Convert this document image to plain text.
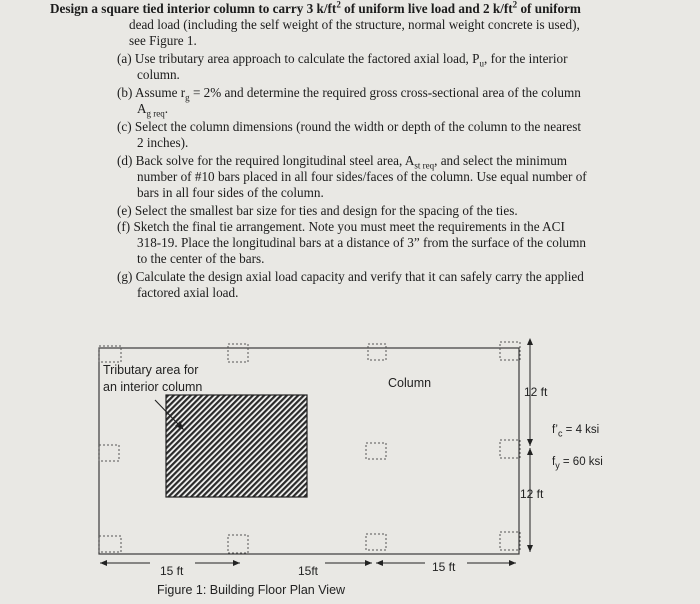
Design a square tied interior column to carry 3 $k/ft^2$ of uniform live load and 2 $k/ft^2$ of uniform
dead load (including the self weight of the structure, normal weight concrete is used),
see Figure 1.
(a) Use tributary area approach to calculate the factored axial load, $P_u$, for the interior
column.
(b) Assume $r_g = 2\%$ and determine the required gross cross-sectional area of the column
$A_{g req}$.
(c) Select the column dimensions (round the width or depth of the column to the nearest
2 inches).
(d) Back solve for the required longitudinal steel area, $A_{st req}$, and select the minimum
number of #10 bars placed in all four sides/faces of the column. Use equal number of
bars in all four sides of the column.
(e) Select the smallest bar size for ties and design for the spacing of the ties.
(f) Sketch the final tie arrangement. Note you must meet the requirements in the ACI
318-19. Place the longitudinal bars at a distance of 3” from the surface of the column
to the center of the bars.
(g) Calculate the design axial load capacity and verify that it can safely carry the applied
factored axial load.
Tributary area for
an interior column	Column
12 ft
12 ft
$f’_c = 4$ ksi
$f_y = 60$ ksi
15 ft	15ft	15 ft
Figure 1: Building Floor Plan View
